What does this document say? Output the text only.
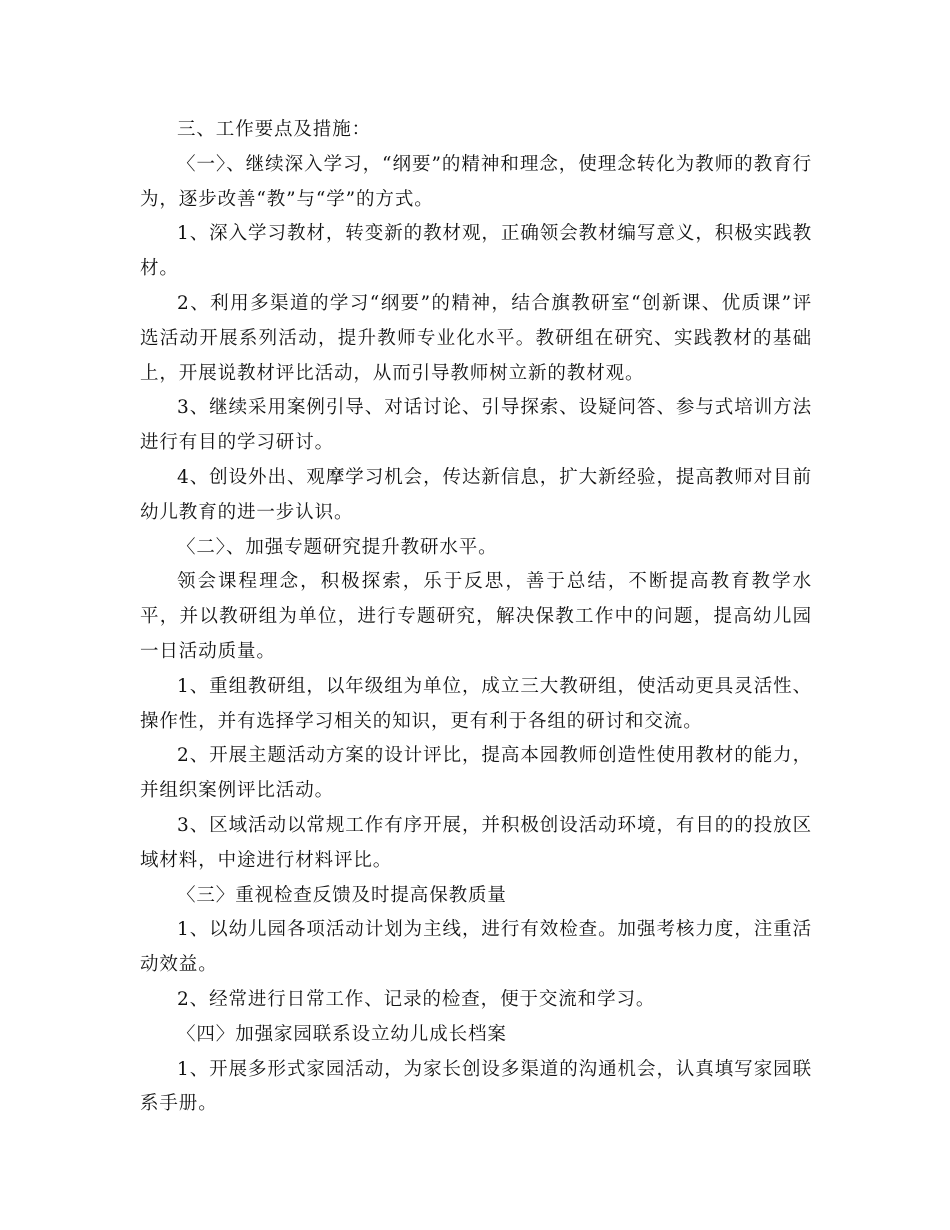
三、工作要点及措施：

〈一〉、继续深入学习，“纲要”的精神和理念，使理念转化为教师的教育行为，逐步改善“教”与“学”的方式。

1、深入学习教材，转变新的教材观，正确领会教材编写意义，积极实践教材。

2、利用多渠道的学习“纲要”的精神，结合旗教研室“创新课、优质课”评选活动开展系列活动，提升教师专业化水平。教研组在研究、实践教材的基础上，开展说教材评比活动，从而引导教师树立新的教材观。

3、继续采用案例引导、对话讨论、引导探索、设疑问答、参与式培训方法进行有目的学习研讨。

4、创设外出、观摩学习机会，传达新信息，扩大新经验，提高教师对目前幼儿教育的进一步认识。

〈二〉、加强专题研究提升教研水平。

领会课程理念，积极探索，乐于反思，善于总结，不断提高教育教学水平，并以教研组为单位，进行专题研究，解决保教工作中的问题，提高幼儿园一日活动质量。

1、重组教研组，以年级组为单位，成立三大教研组，使活动更具灵活性、操作性，并有选择学习相关的知识，更有利于各组的研讨和交流。

2、开展主题活动方案的设计评比，提高本园教师创造性使用教材的能力，并组织案例评比活动。

3、区域活动以常规工作有序开展，并积极创设活动环境，有目的的投放区域材料，中途进行材料评比。

〈三〉重视检查反馈及时提高保教质量

1、以幼儿园各项活动计划为主线，进行有效检查。加强考核力度，注重活动效益。

2、经常进行日常工作、记录的检查，便于交流和学习。

〈四〉加强家园联系设立幼儿成长档案

1、开展多形式家园活动，为家长创设多渠道的沟通机会，认真填写家园联系手册。
